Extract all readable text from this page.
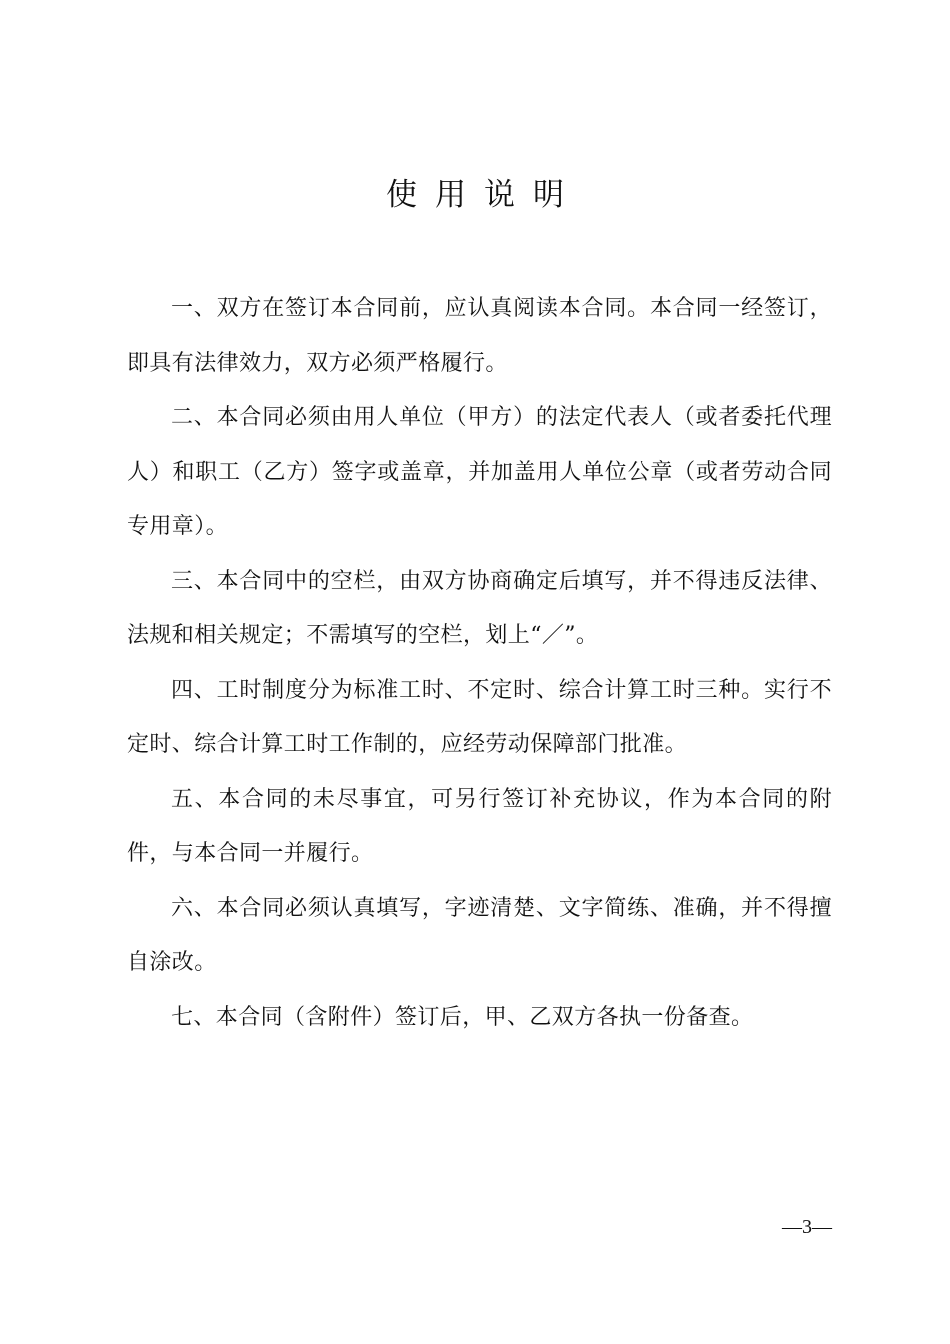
使用说明

一、双方在签订本合同前，应认真阅读本合同。本合同一经签订，即具有法律效力，双方必须严格履行。

二、本合同必须由用人单位（甲方）的法定代表人（或者委托代理人）和职工（乙方）签字或盖章，并加盖用人单位公章（或者劳动合同专用章）。

三、本合同中的空栏，由双方协商确定后填写，并不得违反法律、法规和相关规定；不需填写的空栏，划上“／”。

四、工时制度分为标准工时、不定时、综合计算工时三种。实行不定时、综合计算工时工作制的，应经劳动保障部门批准。

五、本合同的未尽事宜，可另行签订补充协议，作为本合同的附件，与本合同一并履行。

六、本合同必须认真填写，字迹清楚、文字简练、准确，并不得擅自涂改。

七、本合同（含附件）签订后，甲、乙双方各执一份备查。

—3—
